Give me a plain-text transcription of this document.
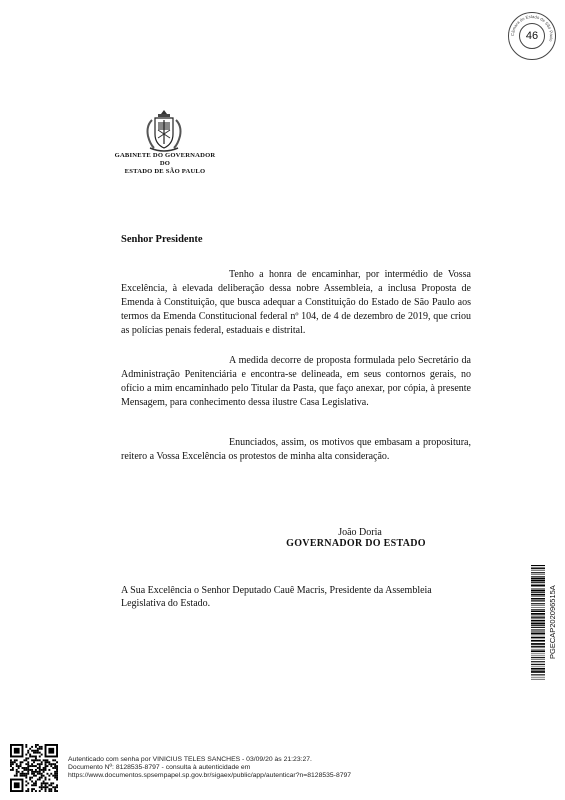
Câmara do Estado de São Paulo
46
GABINETE DO GOVERNADOR
DO
ESTADO DE SÃO PAULO
Senhor Presidente
Tenho a honra de encaminhar, por intermédio de Vossa Excelência, à elevada deliberação dessa nobre Assembleia, a inclusa Proposta de Emenda à Constituição, que busca adequar a Constituição do Estado de São Paulo aos termos da Emenda Constitucional federal nº 104, de 4 de dezembro de 2019, que criou as polícias penais federal, estaduais e distrital.
A medida decorre de proposta formulada pelo Secretário da Administração Penitenciária e encontra-se delineada, em seus contornos gerais, no ofício a mim encaminhado pelo Titular da Pasta, que faço anexar, por cópia, à presente Mensagem, para conhecimento dessa ilustre Casa Legislativa.
Enunciados, assim, os motivos que embasam a propositura, reitero a Vossa Excelência os protestos de minha alta consideração.
João Doria
GOVERNADOR DO ESTADO
A Sua Excelência o Senhor Deputado Cauê Macris, Presidente da Assembleia Legislativa do Estado.	PGECAP202096515A
Autenticado com senha por VINICIUS TELES SANCHES - 03/09/20 às 21:23:27.
Documento Nº: 8128535-8797 - consulta à autenticidade em
https://www.documentos.spsempapel.sp.gov.br/sigaex/public/app/autenticar?n=8128535-8797
